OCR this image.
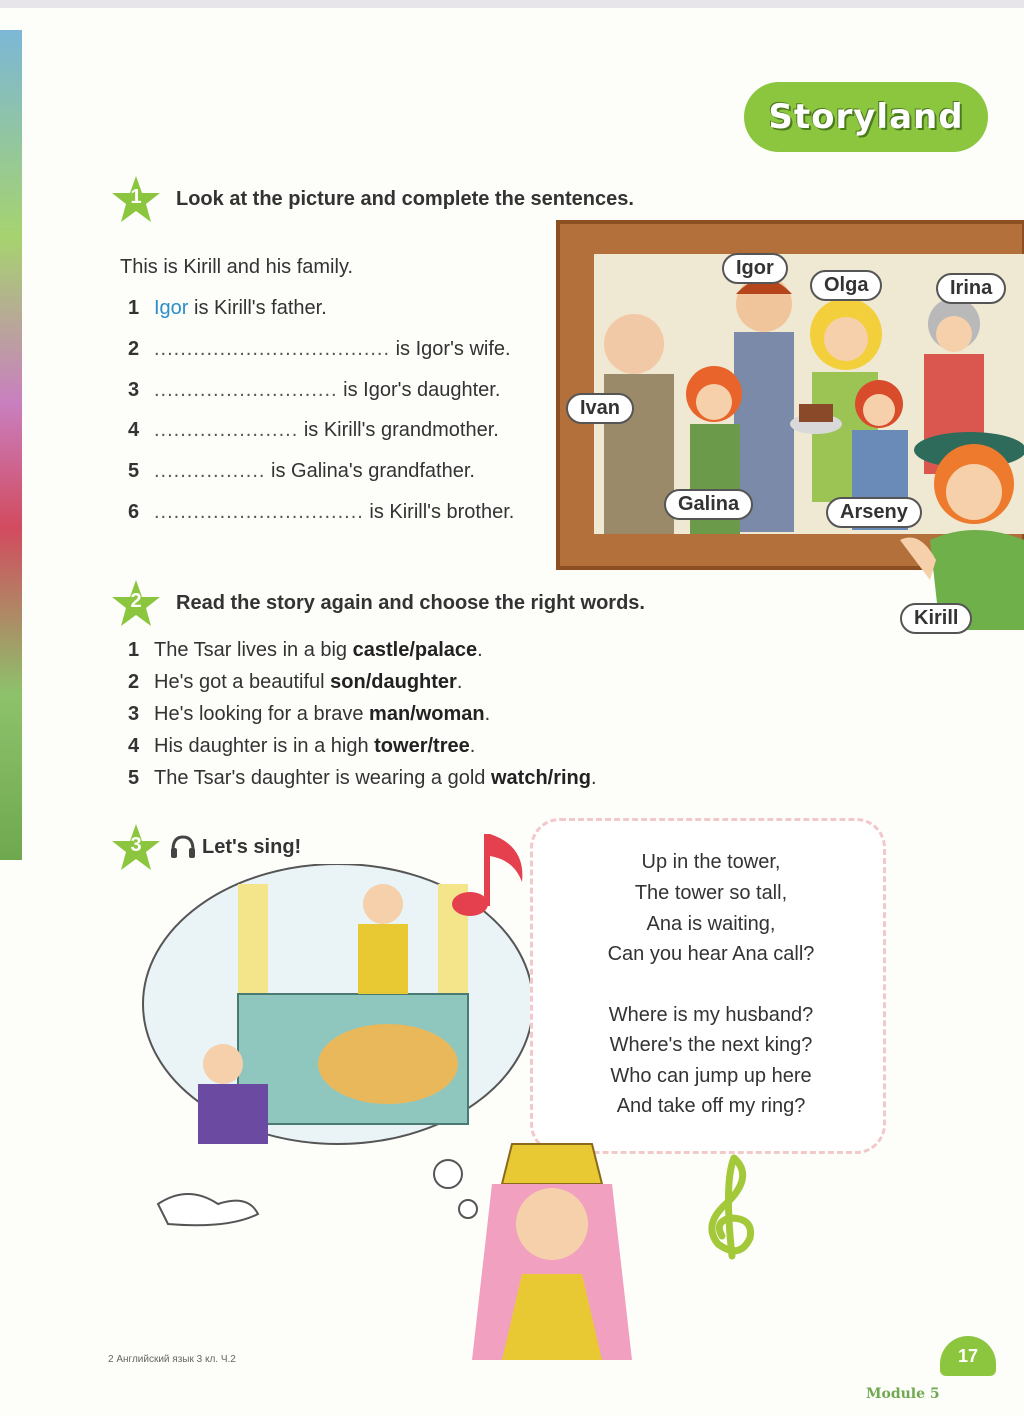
Storyland
1	Look at the picture and complete the sentences.
This is Kirill and his family.
1 Igor is Kirill's father.
2 .................................... is Igor's wife.
3 ............................ is Igor's daughter.
4 ...................... is Kirill's grandmother.
5 ................. is Galina's grandfather.
6 ................................ is Kirill's brother.
Igor
Olga	Irina
Ivan
Galina	Arseny
Kirill
2	Read the story again and choose the right words.
1 The Tsar lives in a big castle/palace.
2 He's got a beautiful son/daughter.
3 He's looking for a brave man/woman.
4 His daughter is in a high tower/tree.
5 The Tsar's daughter is wearing a gold watch/ring.
3	Let's sing!
Up in the tower,
The tower so tall,
Ana is waiting,
Can you hear Ana call?
Where is my husband?
Where's the next king?
Who can jump up here
And take off my ring?
2 Английский язык 3 кл. Ч.2	17
Module 5
